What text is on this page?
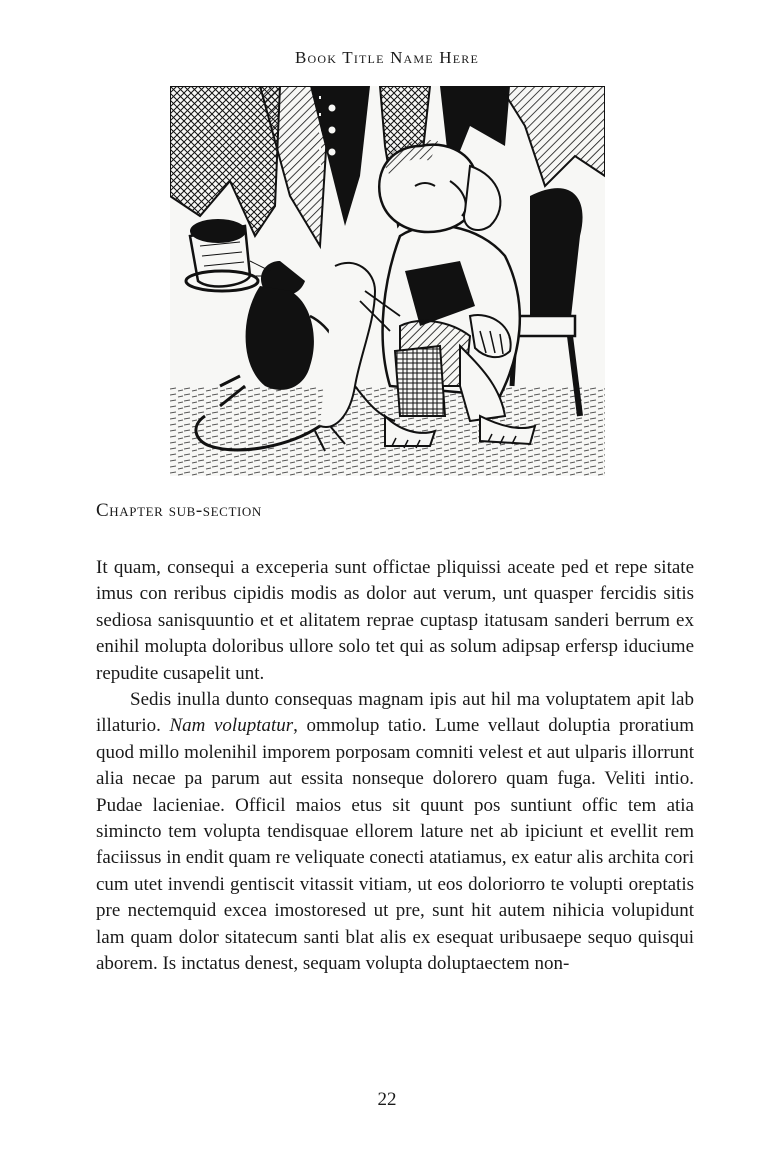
Book Title Name Here
Chapter sub-section

It quam, consequi a exceperia sunt offictae pliquissi aceate ped et repe sitate imus con reribus cipidis modis as dolor aut verum, unt quasper fercidis sitis sediosa sanisquuntio et et alitatem reprae cuptasp itatusam sanderi berrum ex enihil molupta doloribus ullore solo tet qui as solum adipsap erfersp iduciume repudite cusapelit unt.

Sedis inulla dunto consequas magnam ipis aut hil ma voluptatem apit lab illaturio. Nam voluptatur, ommolup tatio. Lume vellaut doluptia proratium quod millo molenihil imporem porposam comniti velest et aut ulparis illorrunt alia necae pa parum aut essita nonseque dolorero quam fuga. Veliti intio. Pudae lacieniae. Officil maios etus sit quunt pos suntiunt offic tem atia simincto tem volupta tendisquae ellorem lature net ab ipiciunt et evellit rem faciissus in endit quam re veliquate conecti atatiamus, ex eatur alis archita cori cum utet invendi gentiscit vitassit vitiam, ut eos doloriorro te volupti oreptatis pre nectemquid excea imostoresed ut pre, sunt hit autem nihicia volupidunt lam quam dolor sitatecum santi blat alis ex esequat uribusaepe sequo quisqui aborem. Is inctatus denest, sequam volupta doluptaectem non-

22
